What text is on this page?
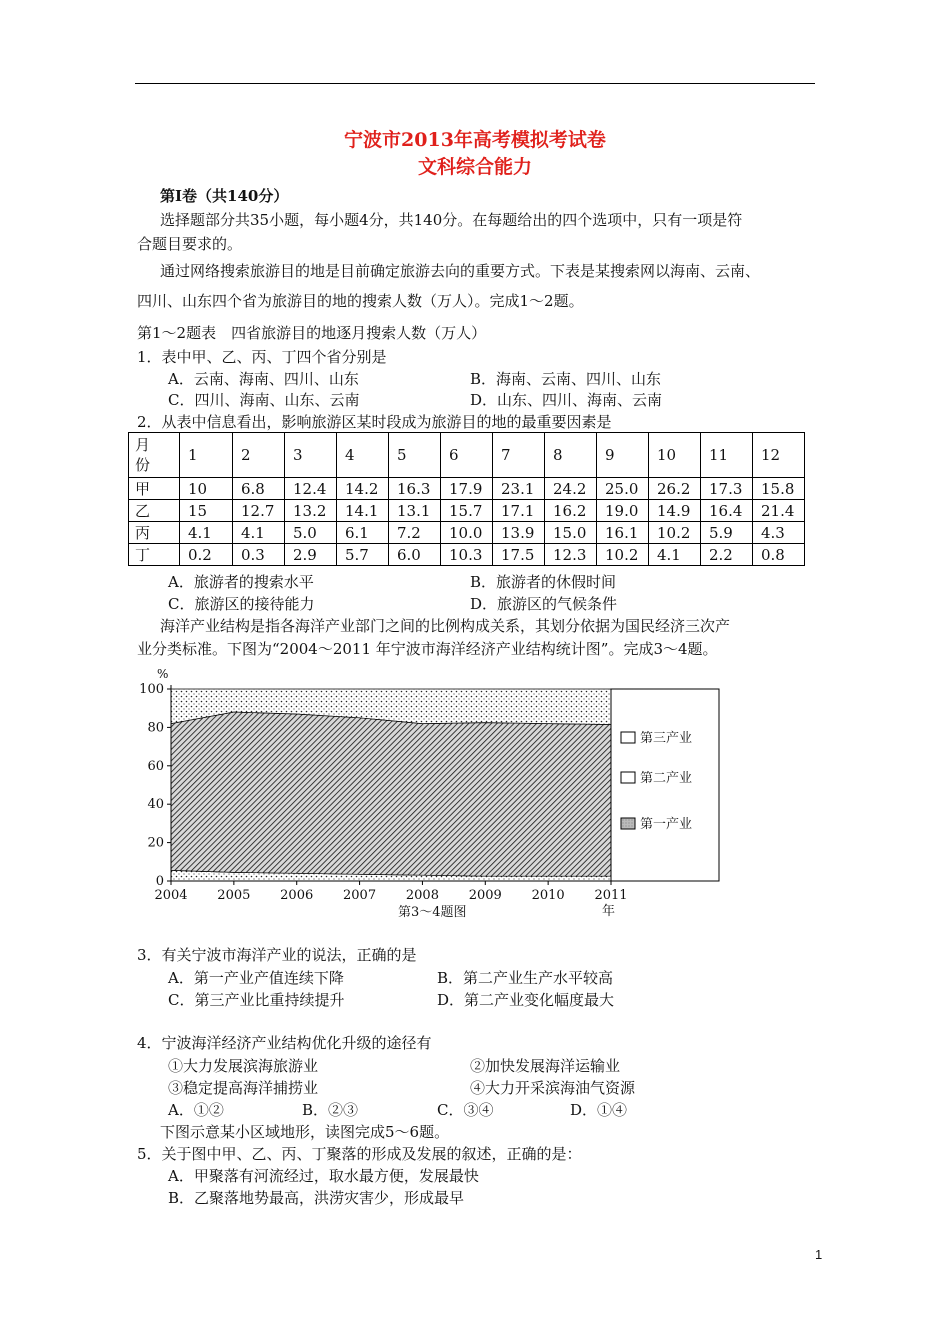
宁波市2013年高考模拟考试卷
文科综合能力
第Ⅰ卷（共140分）
选择题部分共35小题，每小题4分，共140分。在每题给出的四个选项中，只有一项是符
合题目要求的。
通过网络搜索旅游目的地是目前确定旅游去向的重要方式。下表是某搜索网以海南、云南、
四川、山东四个省为旅游目的地的搜索人数（万人）。完成1～2题。
第1～2题表　四省旅游目的地逐月搜索人数（万人）
1．表中甲、乙、丙、丁四个省分别是
A．云南、海南、四川、山东	B．海南、云南、四川、山东
C．四川、海南、山东、云南	D．山东、四川、海南、云南
2．从表中信息看出，影响旅游区某时段成为旅游目的地的最重要因素是
月份	1	2	3	4	5	6	7	8	9	10	11	12
甲	10	6.8	12.4	14.2	16.3	17.9	23.1	24.2	25.0	26.2	17.3	15.8
乙	15	12.7	13.2	14.1	13.1	15.7	17.1	16.2	19.0	14.9	16.4	21.4
丙	4.1	4.1	5.0	6.1	7.2	10.0	13.9	15.0	16.1	10.2	5.9	4.3
丁	0.2	0.3	2.9	5.7	6.0	10.3	17.5	12.3	10.2	4.1	2.2	0.8
A．旅游者的搜索水平	B．旅游者的休假时间
C．旅游区的接待能力	D．旅游区的气候条件
海洋产业结构是指各海洋产业部门之间的比例构成关系，其划分依据为国民经济三次产
业分类标准。下图为“2004～2011 年宁波市海洋经济产业结构统计图”。完成3～4题。
0
20
40
60
80
100
2004 2005 2006 2007 2008 2009 2010 2011
%
年
第3～4题图
第三产业
第二产业
第一产业
3．有关宁波市海洋产业的说法，正确的是
A．第一产业产值连续下降	B．第二产业生产水平较高
C．第三产业比重持续提升	D．第二产业变化幅度最大
4．宁波海洋经济产业结构优化升级的途径有
①大力发展滨海旅游业	②加快发展海洋运输业
③稳定提高海洋捕捞业	④大力开采滨海油气资源
A．①②	B．②③	C．③④	D．①④
下图示意某小区域地形，读图完成5～6题。
5．关于图中甲、乙、丙、丁聚落的形成及发展的叙述，正确的是：
A．甲聚落有河流经过，取水最方便，发展最快
B．乙聚落地势最高，洪涝灾害少，形成最早
1
